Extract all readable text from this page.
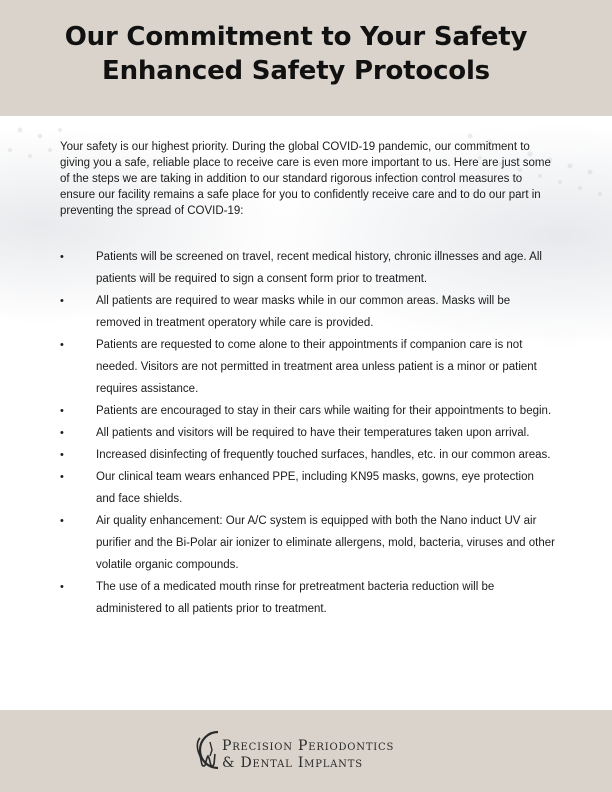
Our Commitment to Your Safety
Enhanced Safety Protocols
Your safety is our highest priority. During the global COVID-19 pandemic, our commitment to giving you a safe, reliable place to receive care is even more important to us. Here are just some of the steps we are taking in addition to our standard rigorous infection control measures to ensure our facility remains a safe place for you to confidently receive care and to do our part in preventing the spread of COVID-19:
•	Patients will be screened on travel, recent medical history, chronic illnesses and age. All patients will be required to sign a consent form prior to treatment.
•	All patients are required to wear masks while in our common areas. Masks will be removed in treatment operatory while care is provided.
•	Patients are requested to come alone to their appointments if companion care is not needed. Visitors are not permitted in treatment area unless patient is a minor or patient requires assistance.
•	Patients are encouraged to stay in their cars while waiting for their appointments to begin.
•	All patients and visitors will be required to have their temperatures taken upon arrival.
•	Increased disinfecting of frequently touched surfaces, handles, etc. in our common areas.
•	Our clinical team wears enhanced PPE, including KN95 masks, gowns, eye protection and face shields.
•	Air quality enhancement: Our A/C system is equipped with both the Nano induct UV air purifier and the Bi-Polar air ionizer to eliminate allergens, mold, bacteria, viruses and other volatile organic compounds.
•	The use of a medicated mouth rinse for pretreatment bacteria reduction will be administered to all patients prior to treatment.
Precision Periodontics
& Dental Implants
